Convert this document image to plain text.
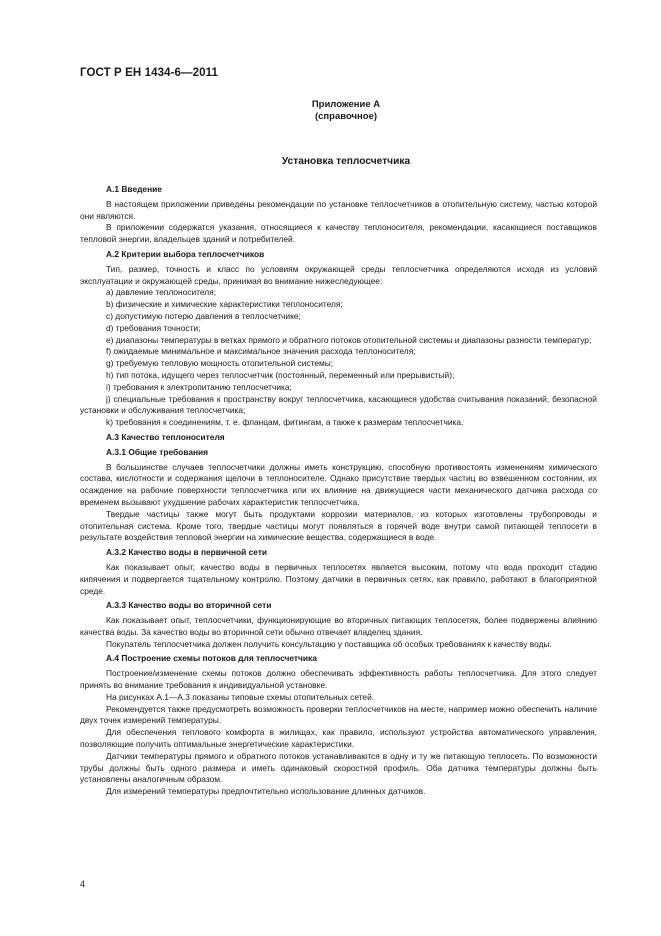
ГОСТ Р ЕН 1434-6—2011
Приложение А
(справочное)
Установка теплосчетчика

А.1 Введение

В настоящем приложении приведены рекомендации по установке теплосчетчиков в отопительную систему, частью которой они являются.

В приложении содержатся указания, относящиеся к качеству теплоносителя, рекомендации, касающиеся поставщиков тепловой энергии, владельцев зданий и потребителей.

А.2 Критерии выбора теплосчетчиков

Тип, размер, точность и класс по условиям окружающей среды теплосчетчика определяются исходя из условий эксплуатации и окружающей среды, принимая во внимание нижеследующее:

a) давление теплоносителя;

b) физические и химические характеристики теплоносителя;

c) допустимую потерю давления в теплосчетчике;

d) требования точности;

e) диапазоны температуры в ветках прямого и обратного потоков отопительной системы и диапазоны разности температур;

f) ожидаемые минимальное и максимальное значения расхода теплоносителя;

g) требуемую тепловую мощность отопительной системы;

h) тип потока, идущего через теплосчетчик (постоянный, переменный или прерывистый);

i) требования к электропитанию теплосчетчика;

j) специальные требования к пространству вокруг теплосчетчика, касающиеся удобства считывания показаний, безопасной установки и обслуживания теплосчетчика;

k) требования к соединениям, т. е. фланцам, фитингам, а также к размерам теплосчетчика.

А.3 Качество теплоносителя

А.3.1 Общие требования

В большинстве случаев теплосчетчики должны иметь конструкцию, способную противостоять изменениям химического состава, кислотности и содержания щелочи в теплоносителе. Однако присутствие твердых частиц во взвешенном состоянии, их осаждение на рабочие поверхности теплосчетчика или их влияние на движущиеся части механического датчика расхода со временем вызывают ухудшение рабочих характеристик теплосчетчика.

Твердые частицы также могут быть продуктами коррозии материалов, из которых изготовлены трубопроводы и отопительная система. Кроме того, твердые частицы могут появляться в горячей воде внутри самой питающей теплосети в результате воздействия тепловой энергии на химические вещества, содержащиеся в воде.

А.3.2 Качество воды в первичной сети

Как показывает опыт, качество воды в первичных теплосетях является высоким, потому что вода проходит стадию кипячения и подвергается тщательному контролю. Поэтому датчики в первичных сетях, как правило, работают в благоприятной среде.

А.3.3 Качество воды во вторичной сети

Как показывает опыт, теплосчетчики, функционирующие во вторичных питающих теплосетях, более подвержены влиянию качества воды. За качество воды во вторичной сети обычно отвечает владелец здания.

Покупатель теплосчетчика должен получить консультацию у поставщика об особых требованиях к качеству воды.

А.4 Построение схемы потоков для теплосчетчика

Построение/изменение схемы потоков должно обеспечивать эффективность работы теплосчетчика. Для этого следует принять во внимание требования к индивидуальной установке.

На рисунках А.1—А.3 показаны типовые схемы отопительных сетей.

Рекомендуется также предусмотреть возможность проверки теплосчетчиков на месте, например можно обеспечить наличие двух точек измерений температуры.

Для обеспечения теплового комфорта в жилищах, как правило, используют устройства автоматического управления, позволяющие получить оптимальные энергетические характеристики.

Датчики температуры прямого и обратного потоков устанавливаются в одну и ту же питающую теплосеть. По возможности трубы должны быть одного размера и иметь одинаковый скоростной профиль. Оба датчика температуры должны быть установлены аналогичным образом.

Для измерений температуры предпочтительно использование длинных датчиков.

4
